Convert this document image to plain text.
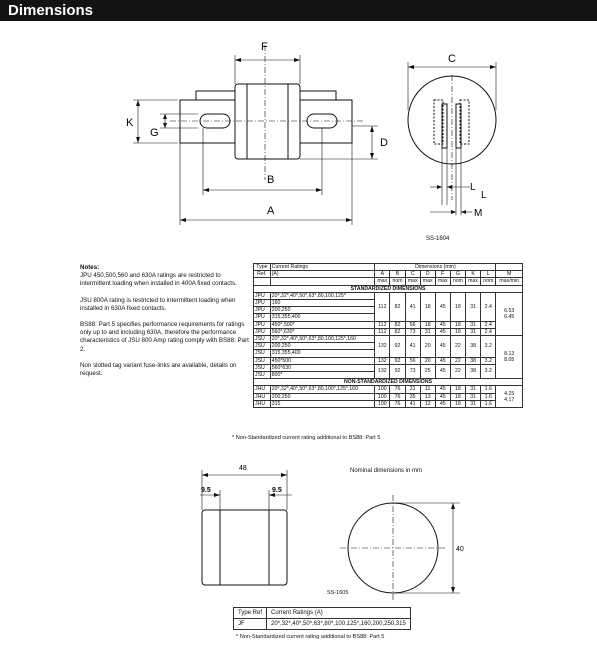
Dimensions
F
K
G
D
B
A
C
L
L
M
SS-1604
Notes:

JPU 450,500,560 and 630A ratings are restricted to intermittent loading when installed in 400A fixed contacts.

JSU 800A rating is restricted to intermittent loading when installed in 630A fixed contacts.

BS88: Part 5 specifies performance requirements for ratings only up to and including 630A, therefore the performance characteristics of JSU 800 Amp rating comply with BS88: Part 2.

Non slotted tag variant fuse-links are available, details on request.

Type	Current Ratings	Dimensions (mm)								
Ref.	(A)	A	B	C	D	F	G	K	L	M
		max	nom	max	max	max	nom	max	nom	max/min
STANDARDIZED DIMENSIONS										
JPU	20*,32*,40*,50*,63*,80,100,125*	112	82	41	18	45	18	31	2.4	6.53
6.45
JPU	160									
JPU	200,250									
JPU	315,355,400									
JPU	450*,500*	112	82	56	18	45	18	31	2.4	
JPU	560*,630*	112	82	73	31	45	18	31	2.4	
JSU	20*,32*,40*,50*,63*,80,100,125*,160	132	92	41	20	45	22	38	3.2	8.13
8.05
JSU	200,250									
JSU	315,355,400									
JSU	450*500	132	92	56	20	45	22	38	3.2	
JSU	560*630	132	92	73	25	45	22	38	3.2	
JSU	800*									
NON-STANDARDIZED DIMENSIONS										
JHU	20*,32*,40*,50*,63*,80,100*,125*,160	100	76	31	11	45	18	31	1.6	4.25
4.17
JHU	200,250	100	76	35	13	45	18	31	1.6	
JHU	315	100	76	41	12	45	18	31	1.6	
* Non-Standardized current rating additional to BS88: Part 5
48
9.5	9.5
40
Nominal dimensions in mm
SS-1605
Type Ref	Current Ratings (A)
JF	20*,32*,40*,50*,63*,80*,100,125*,160,200,250,315
* Non-Standardized current rating additional to BS88: Part 5
